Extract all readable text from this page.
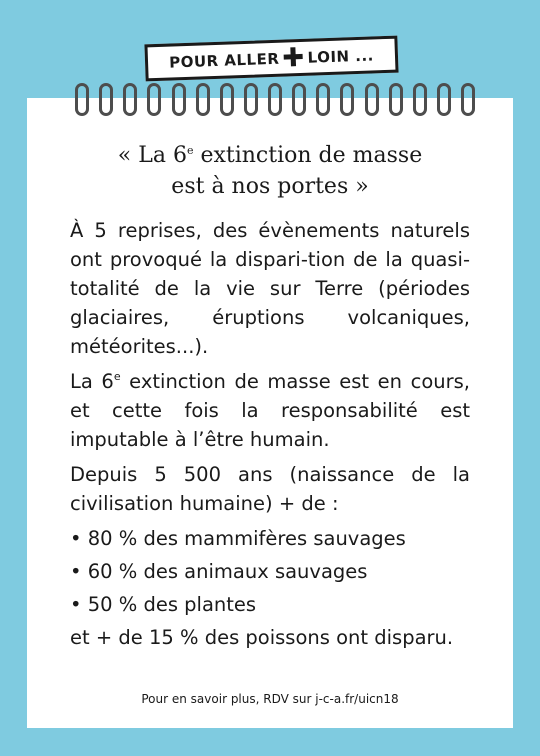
POUR ALLER ✚ LOIN ...
« La 6e extinction de masse
est à nos portes »

À 5 reprises, des évènements naturels ont provoqué la dispari-tion de la quasi-totalité de la vie sur Terre (périodes glaciaires, éruptions volcaniques, météorites...).

La 6e extinction de masse est en cours, et cette fois la responsabilité est imputable à l’être humain.

Depuis 5 500 ans (naissance de la civilisation humaine) + de :

• 80 % des mammifères sauvages
• 60 % des animaux sauvages
• 50 % des plantes
et + de 15 % des poissons ont disparu.
Pour en savoir plus, RDV sur j-c-a.fr/uicn18
